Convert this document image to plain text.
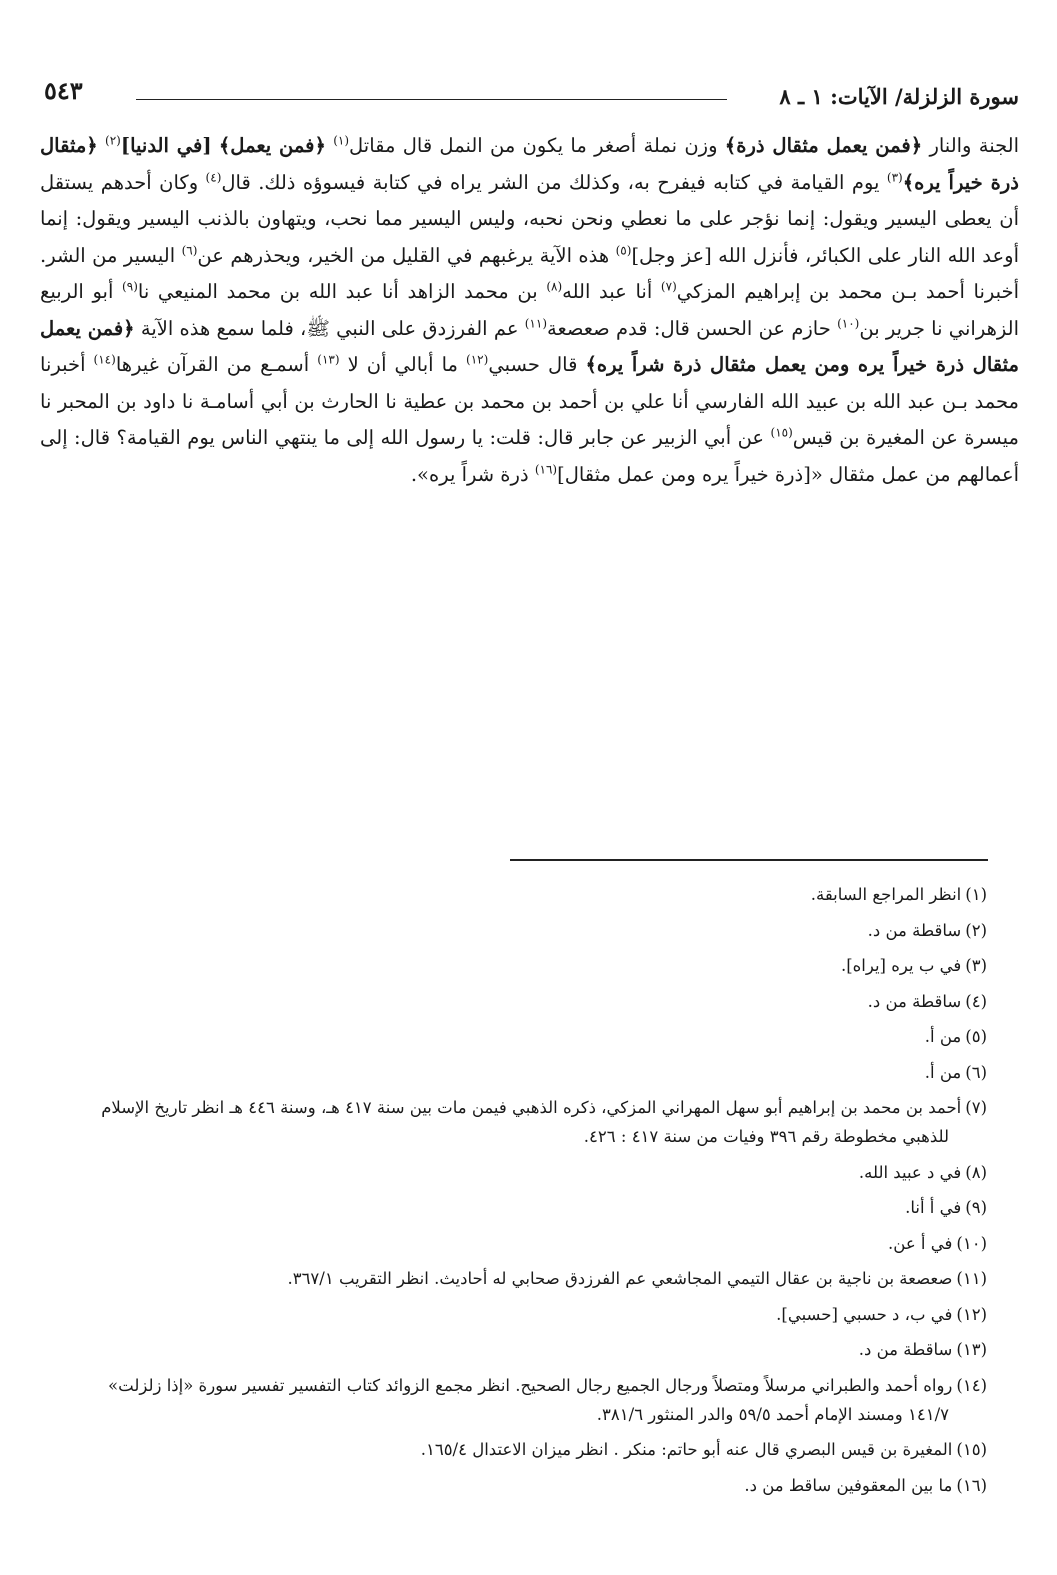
سورة الزلزلة/ الآيات: ١ ـ ٨
٥٤٣

الجنة والنار ﴿فمن يعمل مثقال ذرة﴾ وزن نملة أصغر ما يكون من النمل قال مقاتل$^{(١)}$ ﴿فمن يعمل﴾ [في الدنيا]$^{(٢)}$ ﴿مثقال ذرة خيراً يره﴾$^{(٣)}$ يوم القيامة في كتابه فيفرح به، وكذلك من الشر يراه في كتابة فيسوؤه ذلك. قال$^{(٤)}$ وكان أحدهم يستقل أن يعطى اليسير ويقول: إنما نؤجر على ما نعطي ونحن نحبه، وليس اليسير مما نحب، ويتهاون بالذنب اليسير ويقول: إنما أوعد الله النار على الكبائر، فأنزل الله [عز وجل]$^{(٥)}$ هذه الآية يرغبهم في القليل من الخير، ويحذرهم عن$^{(٦)}$ اليسير من الشر. أخبرنا أحمد بـن محمد بن إبراهيم المزكي$^{(٧)}$ أنا عبد الله$^{(٨)}$ بن محمد الزاهد أنا عبد الله بن محمد المنيعي نا$^{(٩)}$ أبو الربيع الزهراني نا جرير بن$^{(١٠)}$ حازم عن الحسن قال: قدم صعصعة$^{(١١)}$ عم الفرزدق على النبي ﷺ، فلما سمع هذه الآية ﴿فمن يعمل مثقال ذرة خيراً يره ومن يعمل مثقال ذرة شراً يره﴾ قال حسبي$^{(١٢)}$ ما أبالي أن لا $^{(١٣)}$ أسمـع من القرآن غيرها$^{(١٤)}$ أخبرنا محمد بـن عبد الله بن عبيد الله الفارسي أنا علي بن أحمد بن محمد بن عطية نا الحارث بن أبي أسامـة نا داود بن المحبر نا ميسرة عن المغيرة بن قيس$^{(١٥)}$ عن أبي الزبير عن جابر قال: قلت: يا رسول الله إلى ما ينتهي الناس يوم القيامة؟ قال: إلى أعمالهم من عمل مثقال «[ذرة خيراً يره ومن عمل مثقال]$^{(١٦)}$ ذرة شراً يره».

(١)انظر المراجع السابقة.

(٢)ساقطة من د.

(٣)في ب يره [يراه].

(٤)ساقطة من د.

(٥)من أ.

(٦)من أ.

(٧)أحمد بن محمد بن إبراهيم أبو سهل المهراني المزكي، ذكره الذهبي فيمن مات بين سنة ٤١٧ هـ، وسنة ٤٤٦ هـ انظر تاريخ الإسلام
للذهبي مخطوطة رقم ٣٩٦ وفيات من سنة ٤١٧ : ٤٢٦.

(٨)في د عبيد الله.

(٩)في أ أنا.

(١٠)في أ عن.

(١١)صعصعة بن ناجية بن عقال التيمي المجاشعي عم الفرزدق صحابي له أحاديث. انظر التقريب ٣٦٧/١.

(١٢)في ب، د حسبي [حسبي].

(١٣)ساقطة من د.

(١٤)رواه أحمد والطبراني مرسلاً ومتصلاً ورجال الجميع رجال الصحيح. انظر مجمع الزوائد كتاب التفسير تفسير سورة «إذا زلزلت»
١٤١/٧ ومسند الإمام أحمد ٥٩/٥ والدر المنثور ٣٨١/٦.

(١٥)المغيرة بن قيس البصري قال عنه أبو حاتم: منكر . انظر ميزان الاعتدال ١٦٥/٤.

(١٦)ما بين المعقوفين ساقط من د.
